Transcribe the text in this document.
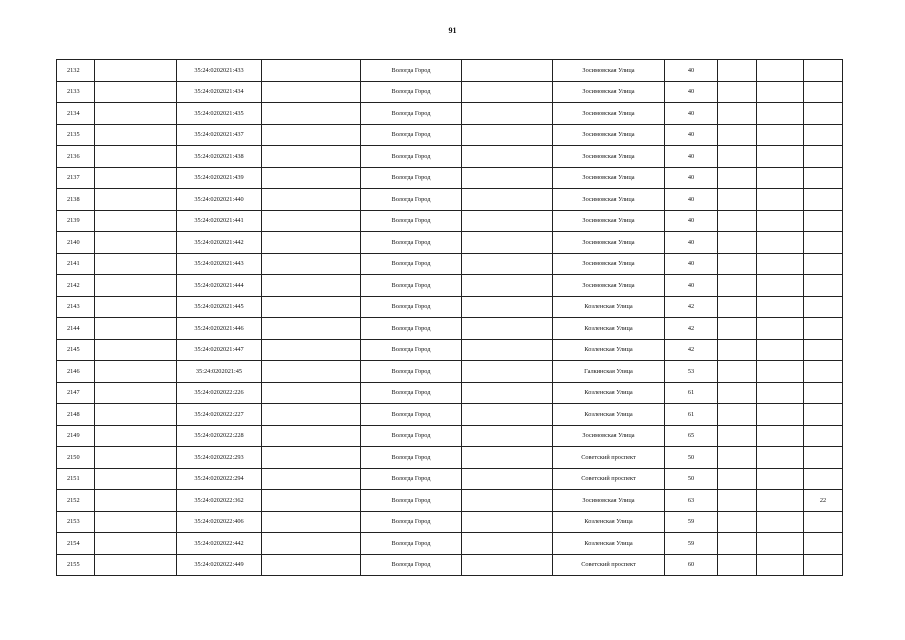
91
2132		35:24:0202021:433		Вологда Город		Зосимовская Улица	40			
2133		35:24:0202021:434		Вологда Город		Зосимовская Улица	40			
2134		35:24:0202021:435		Вологда Город		Зосимовская Улица	40			
2135		35:24:0202021:437		Вологда Город		Зосимовская Улица	40			
2136		35:24:0202021:438		Вологда Город		Зосимовская Улица	40			
2137		35:24:0202021:439		Вологда Город		Зосимовская Улица	40			
2138		35:24:0202021:440		Вологда Город		Зосимовская Улица	40			
2139		35:24:0202021:441		Вологда Город		Зосимовская Улица	40			
2140		35:24:0202021:442		Вологда Город		Зосимовская Улица	40			
2141		35:24:0202021:443		Вологда Город		Зосимовская Улица	40			
2142		35:24:0202021:444		Вологда Город		Зосимовская Улица	40			
2143		35:24:0202021:445		Вологда Город		Козленская Улица	42			
2144		35:24:0202021:446		Вологда Город		Козленская Улица	42			
2145		35:24:0202021:447		Вологда Город		Козленская Улица	42			
2146		35:24:0202021:45		Вологда Город		Галкинская Улица	53			
2147		35:24:0202022:226		Вологда Город		Козленская Улица	61			
2148		35:24:0202022:227		Вологда Город		Козленская Улица	61			
2149		35:24:0202022:228		Вологда Город		Зосимовская Улица	65			
2150		35:24:0202022:293		Вологда Город		Советский проспект	50			
2151		35:24:0202022:294		Вологда Город		Советский проспект	50			
2152		35:24:0202022:362		Вологда Город		Зосимовская Улица	63			22
2153		35:24:0202022:406		Вологда Город		Козленская Улица	59			
2154		35:24:0202022:442		Вологда Город		Козленская Улица	59			
2155		35:24:0202022:449		Вологда Город		Советский проспект	60			
